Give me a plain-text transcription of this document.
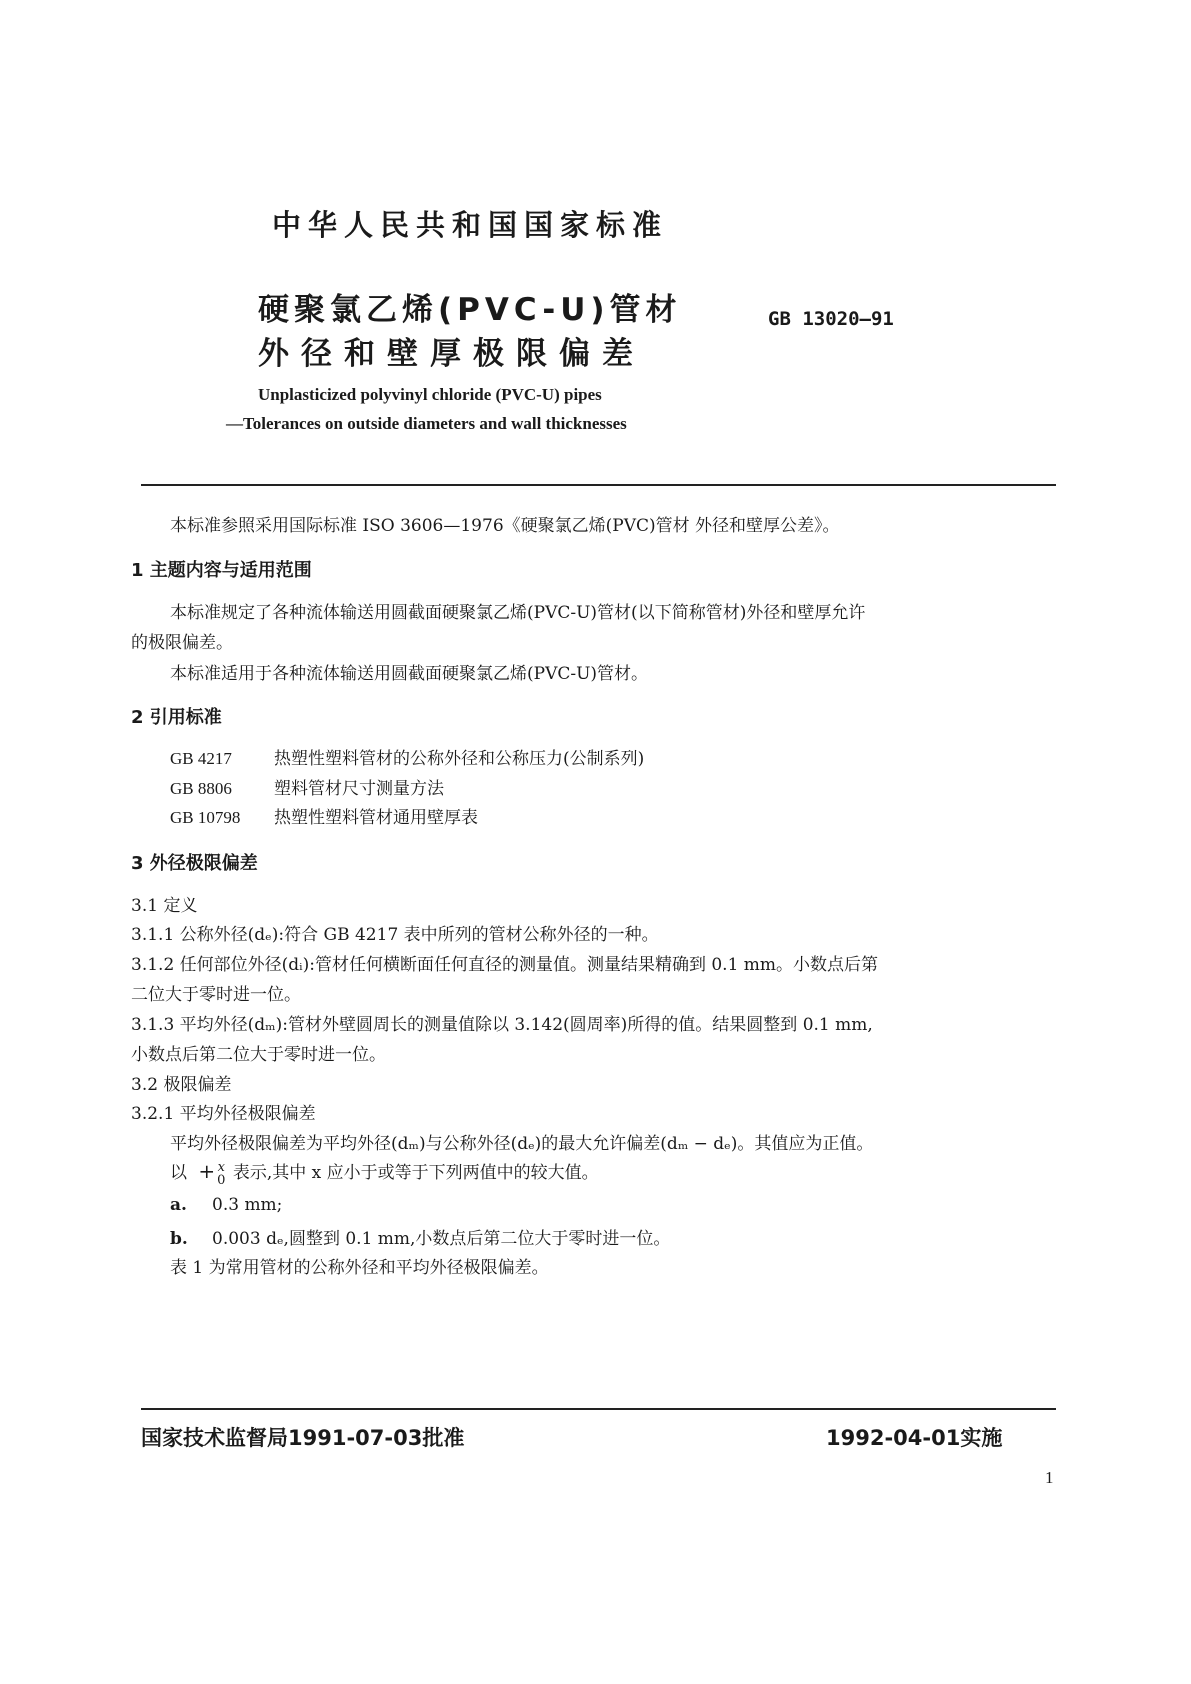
中华人民共和国国家标准
硬聚氯乙烯(PVC-U)管材
外径和壁厚极限偏差
GB 13020—91
Unplasticized polyvinyl chloride (PVC-U) pipes
—Tolerances on outside diameters and wall thicknesses
本标准参照采用国际标准 ISO 3606—1976《硬聚氯乙烯(PVC)管材 外径和壁厚公差》。
1 主题内容与适用范围
本标准规定了各种流体输送用圆截面硬聚氯乙烯(PVC-U)管材(以下简称管材)外径和壁厚允许
的极限偏差。
本标准适用于各种流体输送用圆截面硬聚氯乙烯(PVC-U)管材。
2 引用标准
GB 4217 热塑性塑料管材的公称外径和公称压力(公制系列)
GB 8806 塑料管材尺寸测量方法
GB 10798 热塑性塑料管材通用壁厚表
3 外径极限偏差
3.1 定义
3.1.1 公称外径(dₑ):符合 GB 4217 表中所列的管材公称外径的一种。
3.1.2 任何部位外径(dᵢ):管材任何横断面任何直径的测量值。测量结果精确到 0.1 mm。小数点后第
二位大于零时进一位。
3.1.3 平均外径(dₘ):管材外壁圆周长的测量值除以 3.142(圆周率)所得的值。结果圆整到 0.1 mm,
小数点后第二位大于零时进一位。
3.2 极限偏差
3.2.1 平均外径极限偏差
平均外径极限偏差为平均外径(dₘ)与公称外径(dₑ)的最大允许偏差(dₘ − dₑ)。其值应为正值。
以 + x
0 表示,其中 x 应小于或等于下列两值中的较大值。
a. 0.3 mm;
b. 0.003 dₑ,圆整到 0.1 mm,小数点后第二位大于零时进一位。
表 1 为常用管材的公称外径和平均外径极限偏差。
国家技术监督局1991-07-03批准	1992-04-01实施
1
